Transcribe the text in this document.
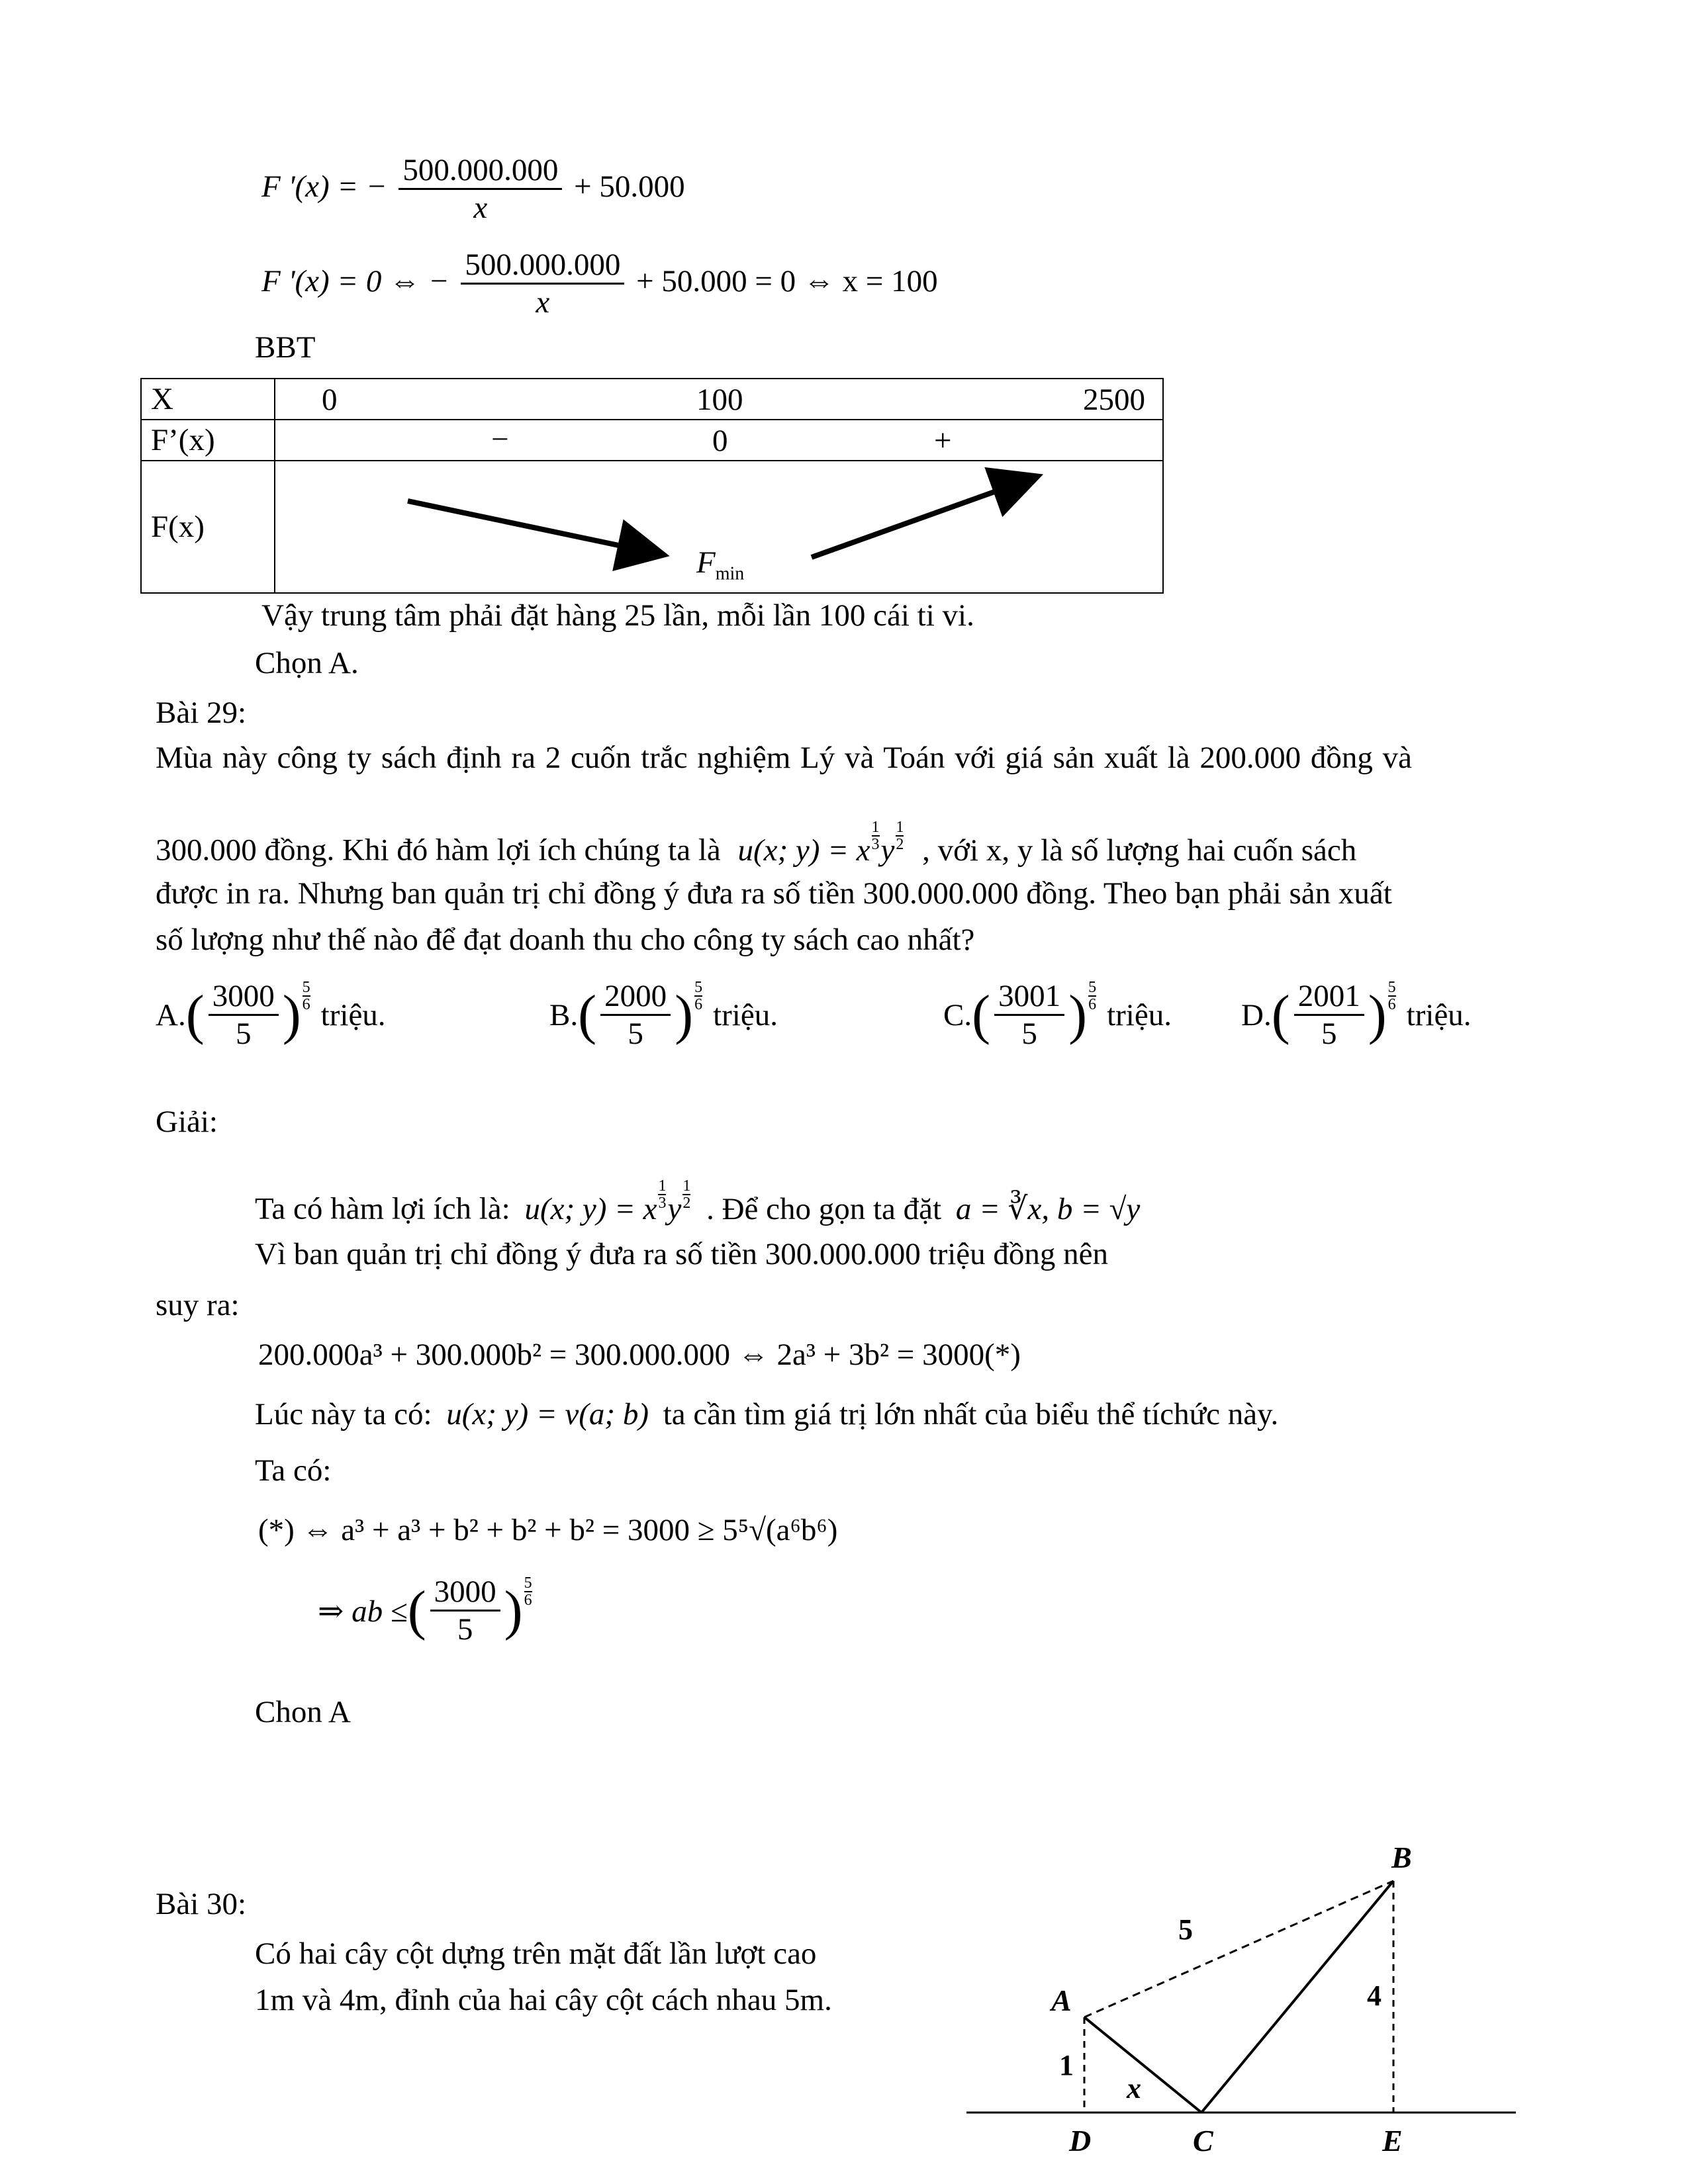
F '(x) = − $\frac{500.000.000}{x} + 50.000$
F '(x) = 0 ⇔ − $\frac{500.000.000}{x} + 50.000 = 0$ ⇔ x = 100
BBT
X	0 100 2500

F’(x)	− 0 +

F(x)	$F_{min}$
Vậy trung tâm phải đặt hàng 25 lần, mỗi lần 100 cái ti vi.
Chọn A.
Bài 29:
Mùa này công ty sách định ra 2 cuốn trắc nghiệm Lý và Toán với giá sản xuất là 200.000 đồng và
300.000 đồng. Khi đó hàm lợi ích chúng ta là u(x; y) = x $\frac{1}{3}$ y $\frac{1}{2}$ , với x, y là số lượng hai cuốn sách
được in ra. Nhưng ban quản trị chỉ đồng ý đưa ra số tiền 300.000.000 đồng. Theo bạn phải sản xuất
số lượng như thế nào để đạt doanh thu cho công ty sách cao nhất?
A. ( $\frac{3000}{5}$ ) 5
6 triệu.	B. ( $\frac{2000}{5}$ ) 5
6 triệu.	C. ( $\frac{3001}{5}$ ) 5
6 triệu. D. ( $\frac{2001}{5}$ ) 5
6 triệu.
Giải:
Ta có hàm lợi ích là: u(x; y) = x $\frac{1}{3}$ y $\frac{1}{2}$ . Để cho gọn ta đặt a = ∛x, b = √y
Vì ban quản trị chỉ đồng ý đưa ra số tiền 300.000.000 triệu đồng nên
suy ra:
200.000a³ + 300.000b² = 300.000.000 ⇔ 2a³ + 3b² = 3000(*)
Lúc này ta có: u(x; y) = v(a; b) ta cần tìm giá trị lớn nhất của biểu thể tíchức này.
Ta có:
(*) ⇔ a³ + a³ + b² + b² + b² = 3000 ≥ 5⁵√(a⁶b⁶)
⇒ ab ≤ ( $\frac{3000}{5}$ ) 5
6
Chon A
Bài 30:
Có hai cây cột dựng trên mặt đất lần lượt cao
1m và 4m, đỉnh của hai cây cột cách nhau 5m.	A
B
C
D	E
5
4
1
x
